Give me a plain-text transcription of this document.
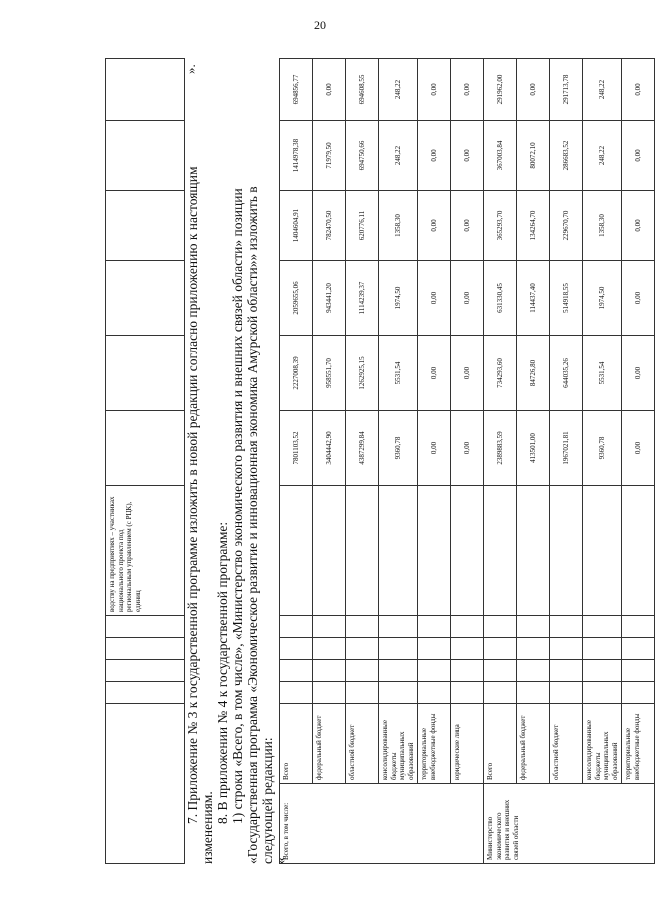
20
					водству на предприятиях – участниках национального проекта под региональным управлением (с РЦК), единиц						
».
7. Приложение № 3 к государственной программе изложить в новой редакции согласно приложению к настоящим
изменениям.
8. В приложении № 4 к государственной программе: 1) строки «Всего, в том числе», «Министерство экономического развития и внешних связей области» позиции «Государственная программа «Экономическое развитие и инновационная экономика Амурской области»» изложить в следующей редакции:
«
Всего, в том числе:	Всего						7801103,52	2227008,39	2059655,06	1404604,91	1414978,38	694856,77
	федеральный бюджет						3404442,90	958551,70	943441,20	782470,50	71979,50	0,00
	областной бюджет						4387299,84	1262925,15	1114239,37	620776,11	694750,66	694608,55
	консолидированные бюджеты муниципальных образований						9360,78	5531,54	1974,50	1358,30	248,22	248,22
	территориальные внебюджетные фонды						0,00	0,00	0,00	0,00	0,00	0,00
	юридические лица						0,00	0,00	0,00	0,00	0,00	0,00
Министерство экономического развития и внешних связей области	Всего						2389883,59	734293,60	631330,45	365293,70	367003,84	291962,00
	федеральный бюджет						413501,00	84726,80	114437,40	134264,70	80072,10	0,00
	областной бюджет						1967021,81	644035,26	514918,55	229670,70	286683,52	291713,78
	консолидированные бюджеты муниципальных образований						9360,78	5531,54	1974,50	1358,30	248,22	248,22
	территориальные внебюджетные фонды						0,00	0,00	0,00	0,00	0,00	0,00
